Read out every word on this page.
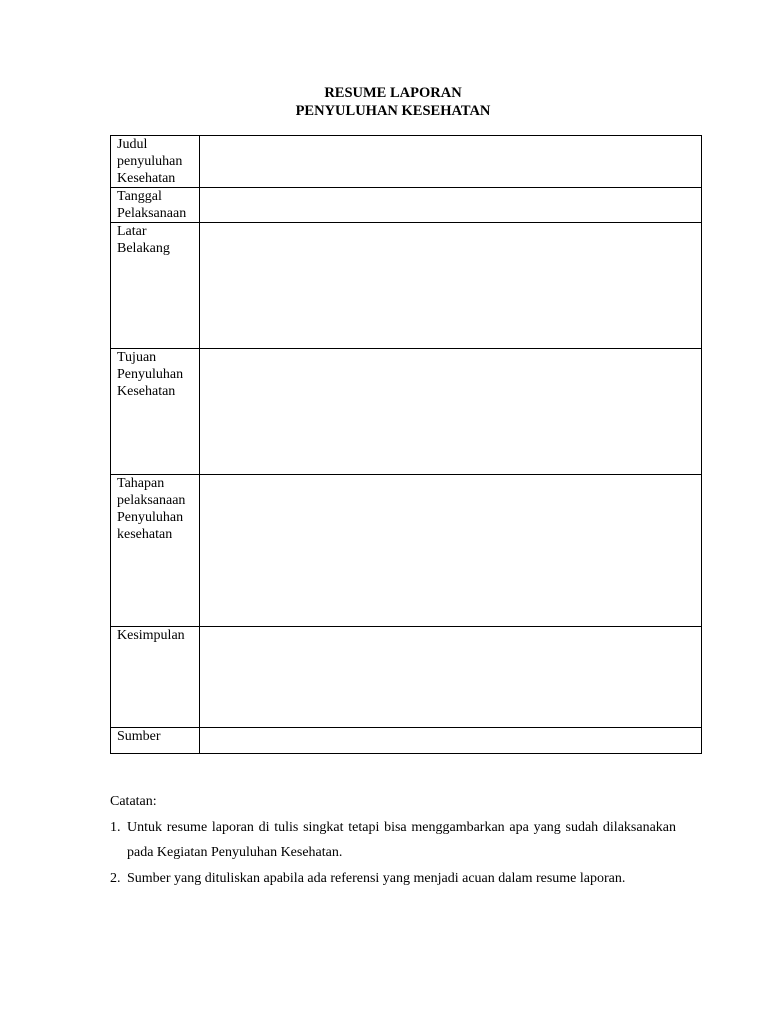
RESUME LAPORAN
PENYULUHAN KESEHATAN
Judul
penyuluhan
Kesehatan	

Tanggal
Pelaksanaan	

Latar
Belakang	

Tujuan
Penyuluhan
Kesehatan	

Tahapan
pelaksanaan
Penyuluhan
kesehatan	

Kesimpulan	

Sumber	

Catatan:
1. Untuk resume laporan di tulis singkat tetapi bisa menggambarkan apa yang sudah dilaksanakan pada Kegiatan Penyuluhan Kesehatan.
2. Sumber yang dituliskan apabila ada referensi yang menjadi acuan dalam resume laporan.
